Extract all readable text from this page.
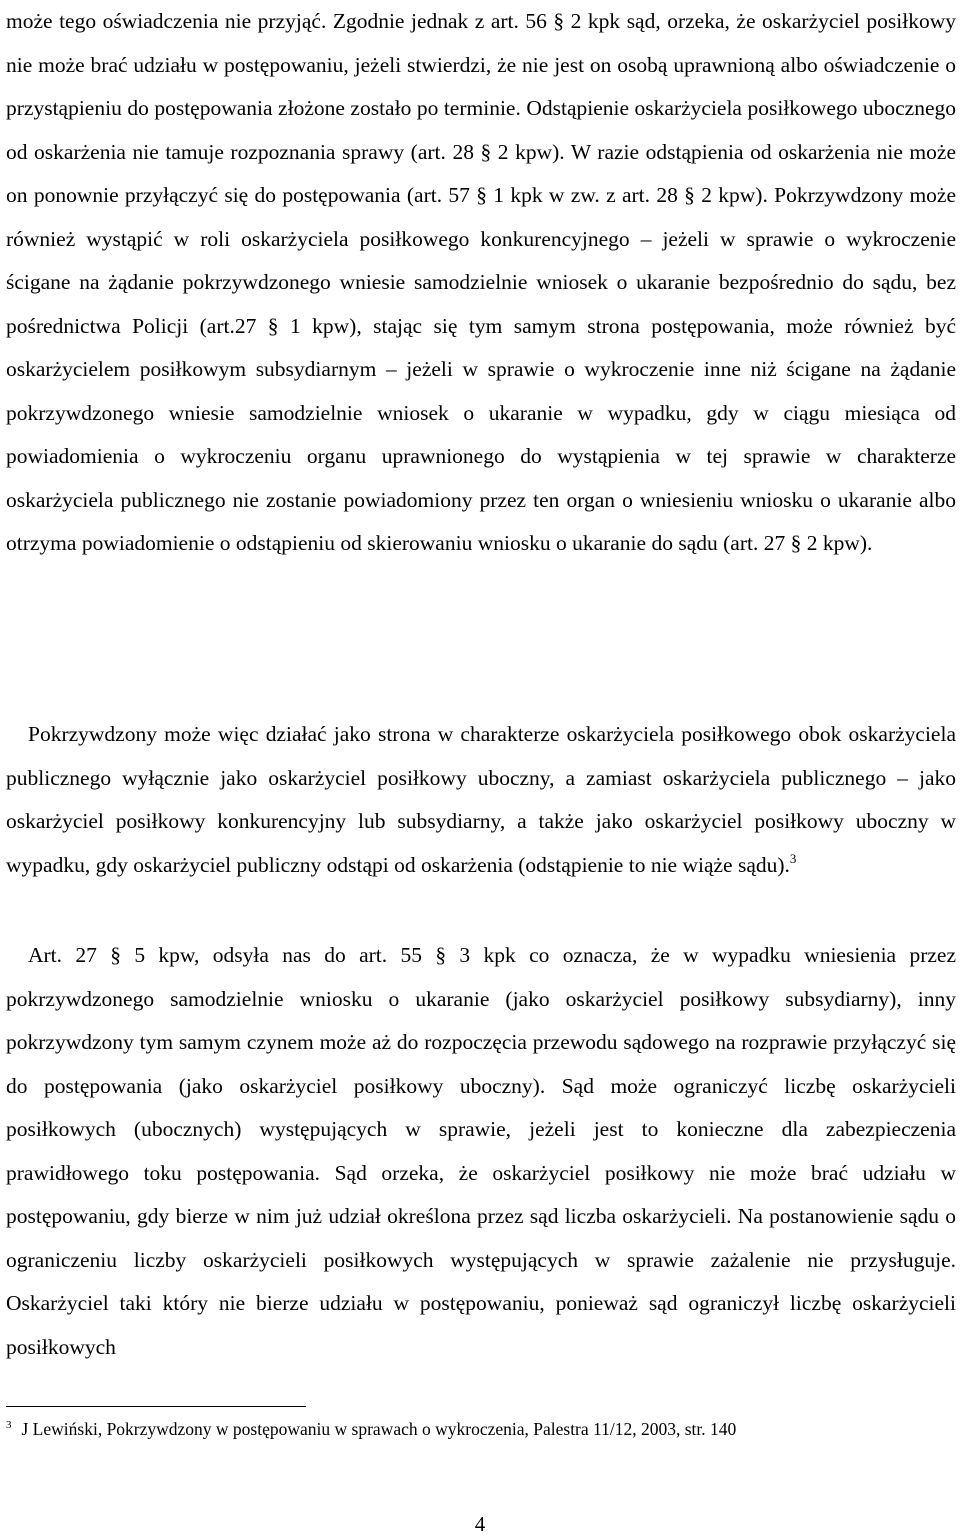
może tego oświadczenia nie przyjąć. Zgodnie jednak z art. 56 § 2 kpk sąd, orzeka, że oskarżyciel posiłkowy nie może brać udziału w postępowaniu, jeżeli stwierdzi, że nie jest on osobą uprawnioną albo oświadczenie o przystąpieniu do postępowania złożone zostało po terminie. Odstąpienie oskarżyciela posiłkowego ubocznego od oskarżenia nie tamuje rozpoznania sprawy (art. 28 § 2 kpw). W razie odstąpienia od oskarżenia nie może on ponownie przyłączyć się do postępowania (art. 57 § 1 kpk w zw. z art. 28 § 2 kpw). Pokrzywdzony może również wystąpić w roli oskarżyciela posiłkowego konkurencyjnego – jeżeli w sprawie o wykroczenie ścigane na żądanie pokrzywdzonego wniesie samodzielnie wniosek o ukaranie bezpośrednio do sądu, bez pośrednictwa Policji (art.27 § 1 kpw), stając się tym samym strona postępowania, może również być oskarżycielem posiłkowym subsydiarnym – jeżeli w sprawie o wykroczenie inne niż ścigane na żądanie pokrzywdzonego wniesie samodzielnie wniosek o ukaranie w wypadku, gdy w ciągu miesiąca od powiadomienia o wykroczeniu organu uprawnionego do wystąpienia w tej sprawie w charakterze oskarżyciela publicznego nie zostanie powiadomiony przez ten organ o wniesieniu wniosku o ukaranie albo otrzyma powiadomienie o odstąpieniu od skierowaniu wniosku o ukaranie do sądu (art. 27 § 2 kpw).

Pokrzywdzony może więc działać jako strona w charakterze oskarżyciela posiłkowego obok oskarżyciela publicznego wyłącznie jako oskarżyciel posiłkowy uboczny, a zamiast oskarżyciela publicznego – jako oskarżyciel posiłkowy konkurencyjny lub subsydiarny, a także jako oskarżyciel posiłkowy uboczny w wypadku, gdy oskarżyciel publiczny odstąpi od oskarżenia (odstąpienie to nie wiąże sądu).$^3$

Art. 27 § 5 kpw, odsyła nas do art. 55 § 3 kpk co oznacza, że w wypadku wniesienia przez pokrzywdzonego samodzielnie wniosku o ukaranie (jako oskarżyciel posiłkowy subsydiarny), inny pokrzywdzony tym samym czynem może aż do rozpoczęcia przewodu sądowego na rozprawie przyłączyć się do postępowania (jako oskarżyciel posiłkowy uboczny). Sąd może ograniczyć liczbę oskarżycieli posiłkowych (ubocznych) występujących w sprawie, jeżeli jest to konieczne dla zabezpieczenia prawidłowego toku postępowania. Sąd orzeka, że oskarżyciel posiłkowy nie może brać udziału w postępowaniu, gdy bierze w nim już udział określona przez sąd liczba oskarżycieli. Na postanowienie sądu o ograniczeniu liczby oskarżycieli posiłkowych występujących w sprawie zażalenie nie przysługuje. Oskarżyciel taki który nie bierze udziału w postępowaniu, ponieważ sąd ograniczył liczbę oskarżycieli posiłkowych

$^3$ J Lewiński, Pokrzywdzony w postępowaniu w sprawach o wykroczenia, Palestra 11/12, 2003, str. 140

4
